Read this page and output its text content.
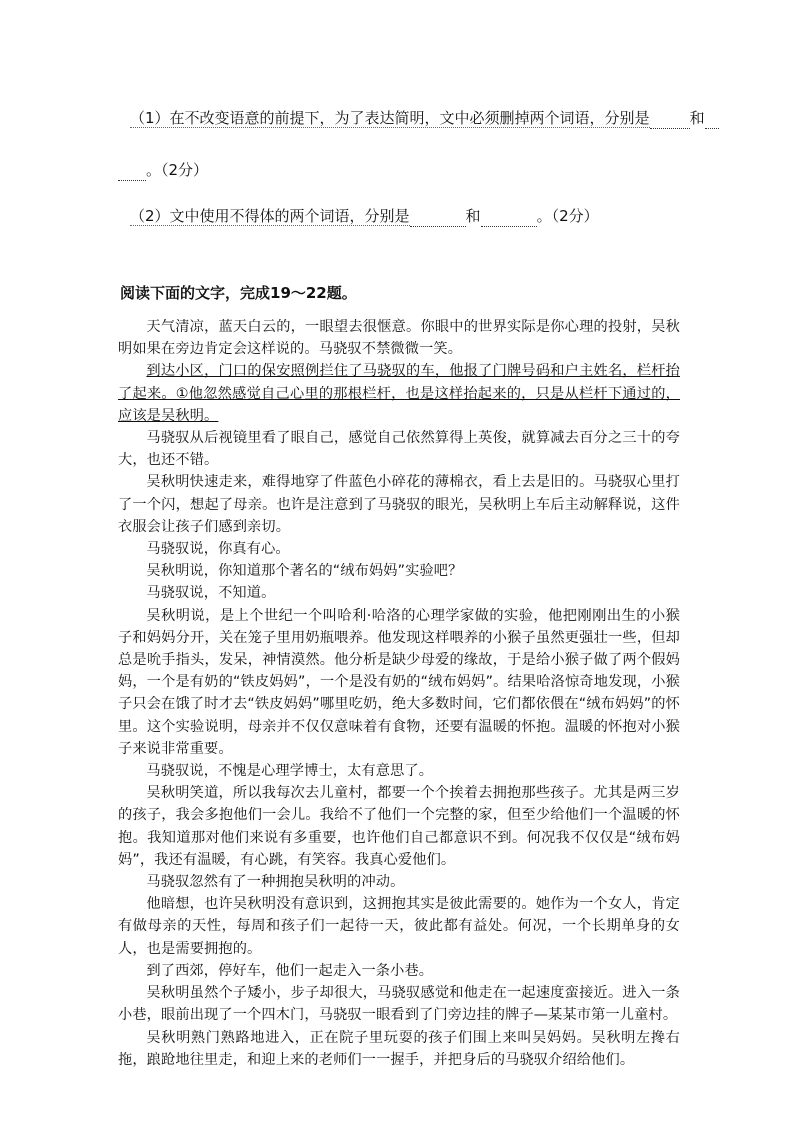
（1）在不改变语意的前提下，为了表达简明，文中必须删掉两个词语，分别是	和
。（2分）
（2）文中使用不得体的两个词语，分别是	和	。（2分）
阅读下面的文字，完成19～22题。

天气清凉，蓝天白云的，一眼望去很惬意。你眼中的世界实际是你心理的投射，吴秋明如果在旁边肯定会这样说的。马骁驭不禁微微一笑。

到达小区，门口的保安照例拦住了马骁驭的车，他报了门牌号码和户主姓名，栏杆抬了起来。①他忽然感觉自己心里的那根栏杆，也是这样抬起来的，只是从栏杆下通过的，应该是吴秋明。

马骁驭从后视镜里看了眼自己，感觉自己依然算得上英俊，就算减去百分之三十的夸大，也还不错。

吴秋明快速走来，难得地穿了件蓝色小碎花的薄棉衣，看上去是旧的。马骁驭心里打了一个闪，想起了母亲。也许是注意到了马骁驭的眼光，吴秋明上车后主动解释说，这件衣服会让孩子们感到亲切。

马骁驭说，你真有心。

吴秋明说，你知道那个著名的“绒布妈妈”实验吧？

马骁驭说，不知道。

吴秋明说，是上个世纪一个叫哈利·哈洛的心理学家做的实验，他把刚刚出生的小猴子和妈妈分开，关在笼子里用奶瓶喂养。他发现这样喂养的小猴子虽然更强壮一些，但却总是吮手指头，发呆，神情漠然。他分析是缺少母爱的缘故，于是给小猴子做了两个假妈妈，一个是有奶的“铁皮妈妈”，一个是没有奶的“绒布妈妈”。结果哈洛惊奇地发现，小猴子只会在饿了时才去“铁皮妈妈”哪里吃奶，绝大多数时间，它们都依偎在“绒布妈妈”的怀里。这个实验说明，母亲并不仅仅意味着有食物，还要有温暖的怀抱。温暖的怀抱对小猴子来说非常重要。

马骁驭说，不愧是心理学博士，太有意思了。

吴秋明笑道，所以我每次去儿童村，都要一个个挨着去拥抱那些孩子。尤其是两三岁的孩子，我会多抱他们一会儿。我给不了他们一个完整的家，但至少给他们一个温暖的怀抱。我知道那对他们来说有多重要，也许他们自己都意识不到。何况我不仅仅是“绒布妈妈”，我还有温暖，有心跳，有笑容。我真心爱他们。

马骁驭忽然有了一种拥抱吴秋明的冲动。

他暗想，也许吴秋明没有意识到，这拥抱其实是彼此需要的。她作为一个女人，肯定有做母亲的天性，每周和孩子们一起待一天，彼此都有益处。何况，一个长期单身的女人，也是需要拥抱的。

到了西郊，停好车，他们一起走入一条小巷。

吴秋明虽然个子矮小，步子却很大，马骁驭感觉和他走在一起速度蛮接近。进入一条小巷，眼前出现了一个四木门，马骁驭一眼看到了门旁边挂的牌子—某某市第一儿童村。

吴秋明熟门熟路地进入，正在院子里玩耍的孩子们围上来叫吴妈妈。吴秋明左搀右拖，踉跄地往里走，和迎上来的老师们一一握手，并把身后的马骁驭介绍给他们。
